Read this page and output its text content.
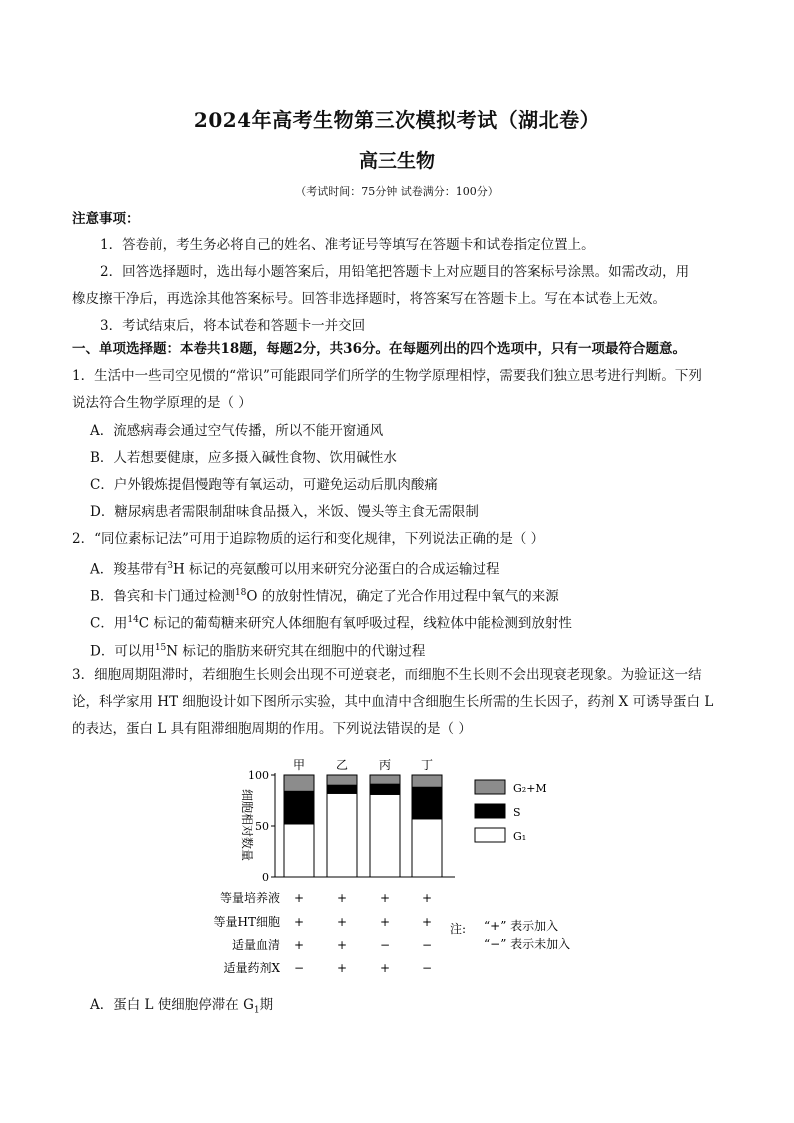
2024年高考生物第三次模拟考试（湖北卷）
高三生物
（考试时间：75分钟 试卷满分：100分）
注意事项：
1．答卷前，考生务必将自己的姓名、准考证号等填写在答题卡和试卷指定位置上。
2．回答选择题时，选出每小题答案后，用铅笔把答题卡上对应题目的答案标号涂黑。如需改动，用
橡皮擦干净后，再选涂其他答案标号。回答非选择题时，将答案写在答题卡上。写在本试卷上无效。
3．考试结束后，将本试卷和答题卡一并交回
一、单项选择题：本卷共18题，每题2分，共36分。在每题列出的四个选项中，只有一项最符合题意。
1．生活中一些司空见惯的“常识”可能跟同学们所学的生物学原理相悖，需要我们独立思考进行判断。下列
说法符合生物学原理的是（ ）
A．流感病毒会通过空气传播，所以不能开窗通风
B．人若想要健康，应多摄入碱性食物、饮用碱性水
C．户外锻炼提倡慢跑等有氧运动，可避免运动后肌肉酸痛
D．糖尿病患者需限制甜味食品摄入，米饭、馒头等主食无需限制
2．“同位素标记法”可用于追踪物质的运行和变化规律，下列说法正确的是（ ）
A．羧基带有$^3$H 标记的亮氨酸可以用来研究分泌蛋白的合成运输过程
B．鲁宾和卡门通过检测$^{18}$O 的放射性情况，确定了光合作用过程中氧气的来源
C．用$^{14}$C 标记的葡萄糖来研究人体细胞有氧呼吸过程，线粒体中能检测到放射性
D．可以用$^{15}$N 标记的脂肪来研究其在细胞中的代谢过程
3．细胞周期阻滞时，若细胞生长则会出现不可逆衰老，而细胞不生长则不会出现衰老现象。为验证这一结
论，科学家用 HT 细胞设计如下图所示实验，其中血清中含细胞生长所需的生长因子，药剂 X 可诱导蛋白 L
的表达，蛋白 L 具有阻滞细胞周期的作用。下列说法错误的是（ ）
细胞相对数量
0
50
100
甲	乙	丙 丁
G₂+M
S
G₁
等量培养液 +	+	+	+
等量HT细胞 +	+	+	+
适量血清 +	+	−	−
适量药剂X −	+	+	−
注: “+” 表示加入
“−” 表示未加入
A．蛋白 L 使细胞停滞在 $G_1$期
